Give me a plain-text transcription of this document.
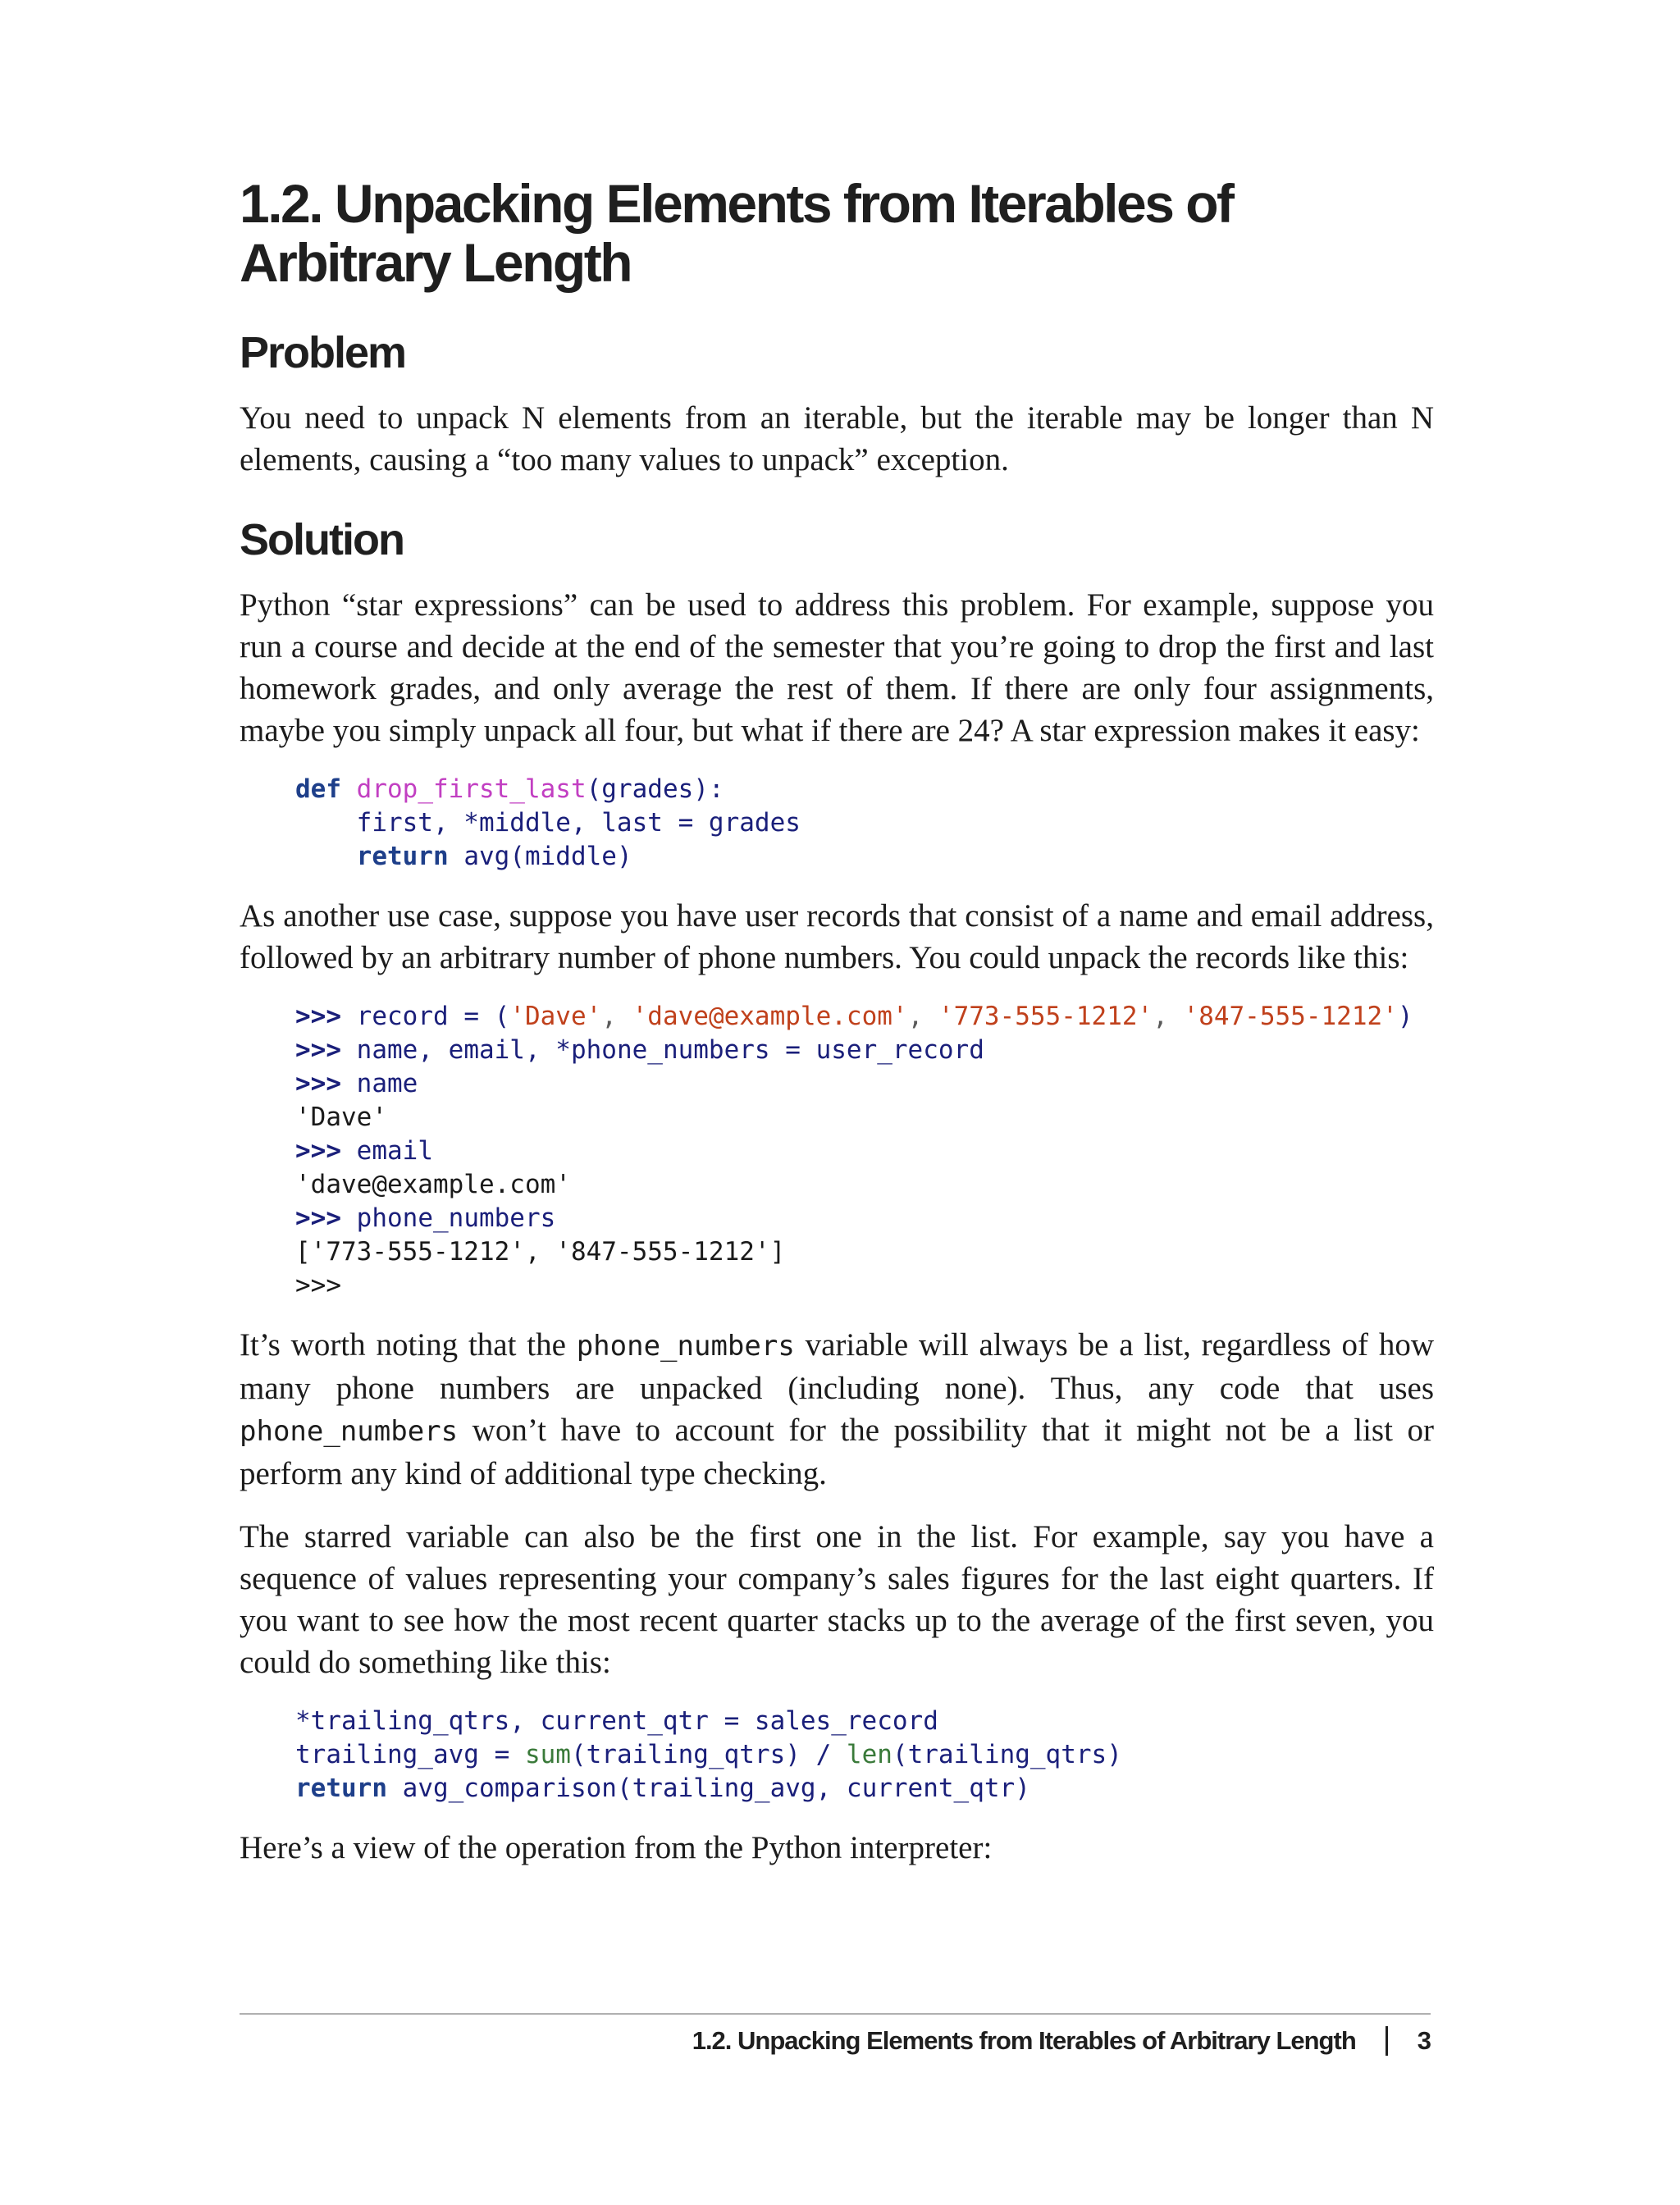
1.2. Unpacking Elements from Iterables of Arbitrary Length
Problem

You need to unpack N elements from an iterable, but the iterable may be longer than N elements, causing a “too many values to unpack” exception.

Solution

Python “star expressions” can be used to address this problem. For example, suppose you run a course and decide at the end of the semester that you’re going to drop the first and last homework grades, and only average the rest of them. If there are only four assignments, maybe you simply unpack all four, but what if there are 24? A star expression makes it easy:

def drop_first_last(grades):
first, *middle, last = grades
return avg(middle)

As another use case, suppose you have user records that consist of a name and email address, followed by an arbitrary number of phone numbers. You could unpack the records like this:

>>> record = ('Dave', 'dave@example.com', '773-555-1212', '847-555-1212')
>>> name, email, *phone_numbers = user_record
>>> name
'Dave'
>>> email
'dave@example.com'
>>> phone_numbers
['773-555-1212', '847-555-1212']
>>>

It’s worth noting that the phone_numbers variable will always be a list, regardless of how many phone numbers are unpacked (including none). Thus, any code that uses phone_numbers won’t have to account for the possibility that it might not be a list or perform any kind of additional type checking.

The starred variable can also be the first one in the list. For example, say you have a sequence of values representing your company’s sales figures for the last eight quarters. If you want to see how the most recent quarter stacks up to the average of the first seven, you could do something like this:

*trailing_qtrs, current_qtr = sales_record
trailing_avg = sum(trailing_qtrs) / len(trailing_qtrs)
return avg_comparison(trailing_avg, current_qtr)

Here’s a view of the operation from the Python interpreter:

1.2. Unpacking Elements from Iterables of Arbitrary Length 3
